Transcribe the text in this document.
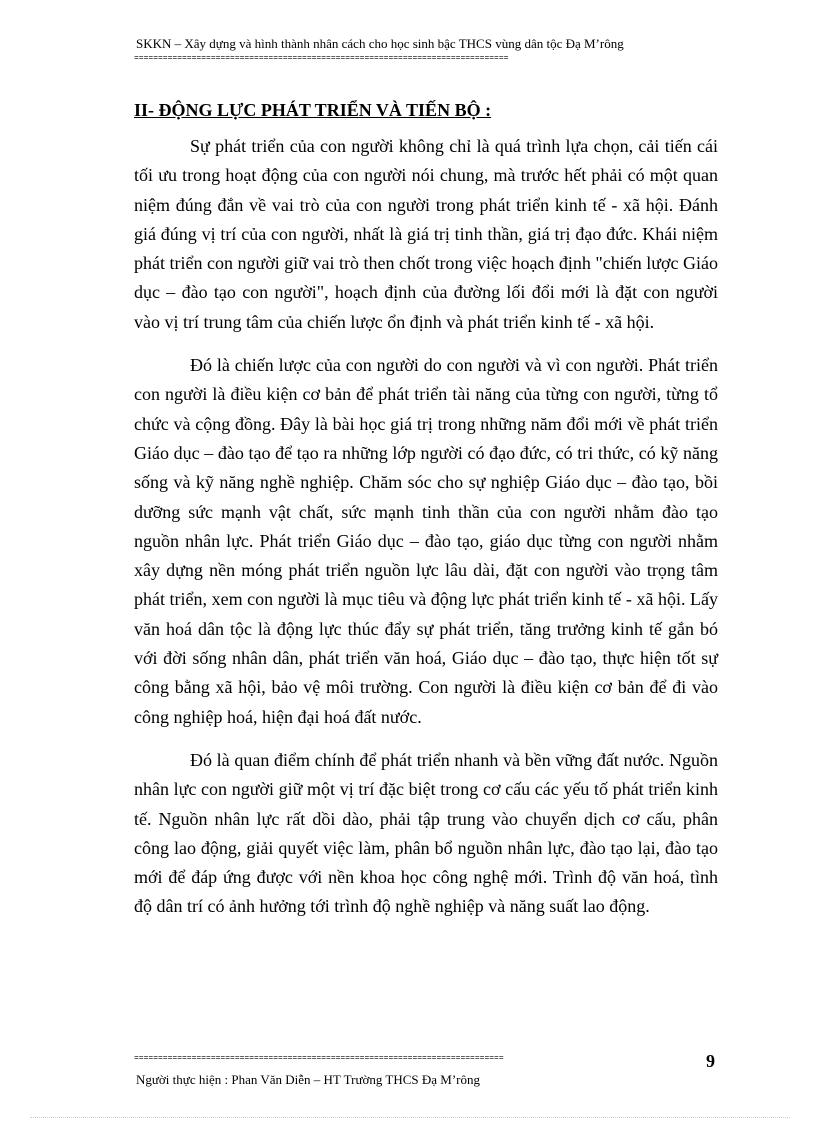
SKKN – Xây dựng và hình thành nhân cách cho học sinh bậc THCS vùng dân tộc Đạ M’rông
==============================================================================
II- ĐỘNG LỰC PHÁT TRIỂN VÀ TIẾN BỘ :

Sự phát triển của con người không chỉ là quá trình lựa chọn, cải tiến cái tối ưu trong hoạt động của con người nói chung, mà trước hết phải có một quan niệm đúng đắn về vai trò của con người trong phát triển kinh tế - xã hội. Đánh giá đúng vị trí của con người, nhất là giá trị tinh thần, giá trị đạo đức. Khái niệm phát triển con người giữ vai trò then chốt trong việc hoạch định "chiến lược Giáo dục – đào tạo con người", hoạch định của đường lối đổi mới là đặt con người vào vị trí trung tâm của chiến lược ổn định và phát triển kinh tế - xã hội.

Đó là chiến lược của con người do con người và vì con người. Phát triển con người là điều kiện cơ bản để phát triển tài năng của từng con người, từng tổ chức và cộng đồng. Đây là bài học giá trị trong những năm đổi mới về phát triển Giáo dục – đào tạo để tạo ra những lớp người có đạo đức, có tri thức, có kỹ năng sống và kỹ năng nghề nghiệp. Chăm sóc cho sự nghiệp Giáo dục – đào tạo, bồi dưỡng sức mạnh vật chất, sức mạnh tinh thần của con người nhằm đào tạo nguồn nhân lực. Phát triển Giáo dục – đào tạo, giáo dục từng con người nhằm xây dựng nền móng phát triển nguồn lực lâu dài, đặt con người vào trọng tâm phát triển, xem con người là mục tiêu và động lực phát triển kinh tế - xã hội. Lấy văn hoá dân tộc là động lực thúc đẩy sự phát triển, tăng trưởng kinh tế gắn bó với đời sống nhân dân, phát triển văn hoá, Giáo dục – đào tạo, thực hiện tốt sự công bằng xã hội, bảo vệ môi trường. Con người là điều kiện cơ bản để đi vào công nghiệp hoá, hiện đại hoá đất nước.

Đó là quan điểm chính để phát triển nhanh và bền vững đất nước. Nguồn nhân lực con người giữ một vị trí đặc biệt trong cơ cấu các yếu tố phát triển kinh tế. Nguồn nhân lực rất dồi dào, phải tập trung vào chuyển dịch cơ cấu, phân công lao động, giải quyết việc làm, phân bổ nguồn nhân lực, đào tạo lại, đào tạo mới để đáp ứng được với nền khoa học công nghệ mới. Trình độ văn hoá, tình độ dân trí có ảnh hưởng tới trình độ nghề nghiệp và năng suất lao động.

=============================================================================	9
Người thực hiện : Phan Văn Diễn – HT Trường THCS Đạ M’rông
